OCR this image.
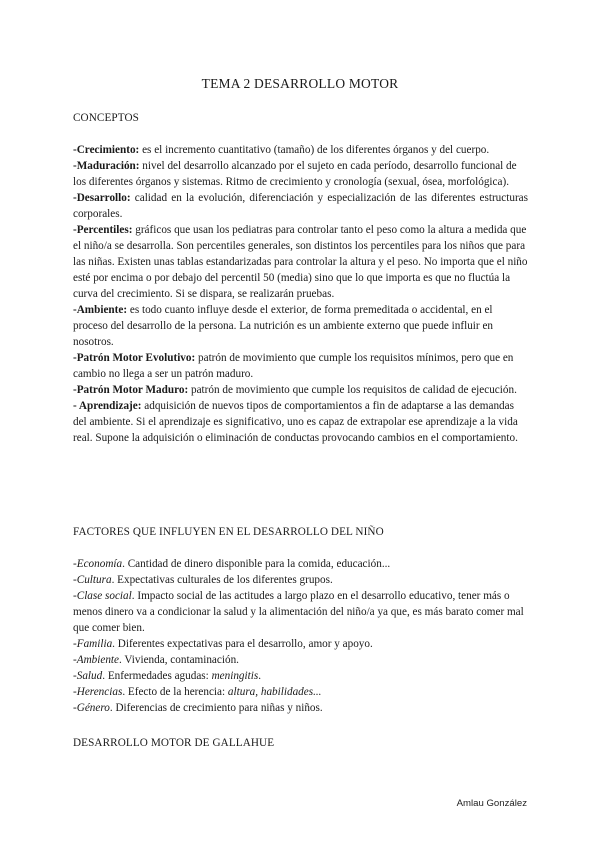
TEMA 2 DESARROLLO MOTOR
CONCEPTOS

-Crecimiento: es el incremento cuantitativo (tamaño) de los diferentes órganos y del cuerpo.

-Maduración: nivel del desarrollo alcanzado por el sujeto en cada período, desarrollo funcional de los diferentes órganos y sistemas. Ritmo de crecimiento y cronología (sexual, ósea, morfológica).

-Desarrollo: calidad en la evolución, diferenciación y especialización de las diferentes estructuras corporales.

-Percentiles: gráficos que usan los pediatras para controlar tanto el peso como la altura a medida que el niño/a se desarrolla. Son percentiles generales, son distintos los percentiles para los niños que para las niñas. Existen unas tablas estandarizadas para controlar la altura y el peso. No importa que el niño esté por encima o por debajo del percentil 50 (media) sino que lo que importa es que no fluctúa la curva del crecimiento. Si se dispara, se realizarán pruebas.

-Ambiente: es todo cuanto influye desde el exterior, de forma premeditada o accidental, en el proceso del desarrollo de la persona. La nutrición es un ambiente externo que puede influir en nosotros.

-Patrón Motor Evolutivo: patrón de movimiento que cumple los requisitos mínimos, pero que en cambio no llega a ser un patrón maduro.

-Patrón Motor Maduro: patrón de movimiento que cumple los requisitos de calidad de ejecución.

- Aprendizaje: adquisición de nuevos tipos de comportamientos a fin de adaptarse a las demandas del ambiente. Si el aprendizaje es significativo, uno es capaz de extrapolar ese aprendizaje a la vida real. Supone la adquisición o eliminación de conductas provocando cambios en el comportamiento.

FACTORES QUE INFLUYEN EN EL DESARROLLO DEL NIÑO

-Economía. Cantidad de dinero disponible para la comida, educación...

-Cultura. Expectativas culturales de los diferentes grupos.

-Clase social. Impacto social de las actitudes a largo plazo en el desarrollo educativo, tener más o menos dinero va a condicionar la salud y la alimentación del niño/a ya que, es más barato comer mal que comer bien.

-Familia. Diferentes expectativas para el desarrollo, amor y apoyo.

-Ambiente. Vivienda, contaminación.

-Salud. Enfermedades agudas: meningitis.

-Herencias. Efecto de la herencia: altura, habilidades...

-Género. Diferencias de crecimiento para niñas y niños.

DESARROLLO MOTOR DE GALLAHUE
Amlau González
